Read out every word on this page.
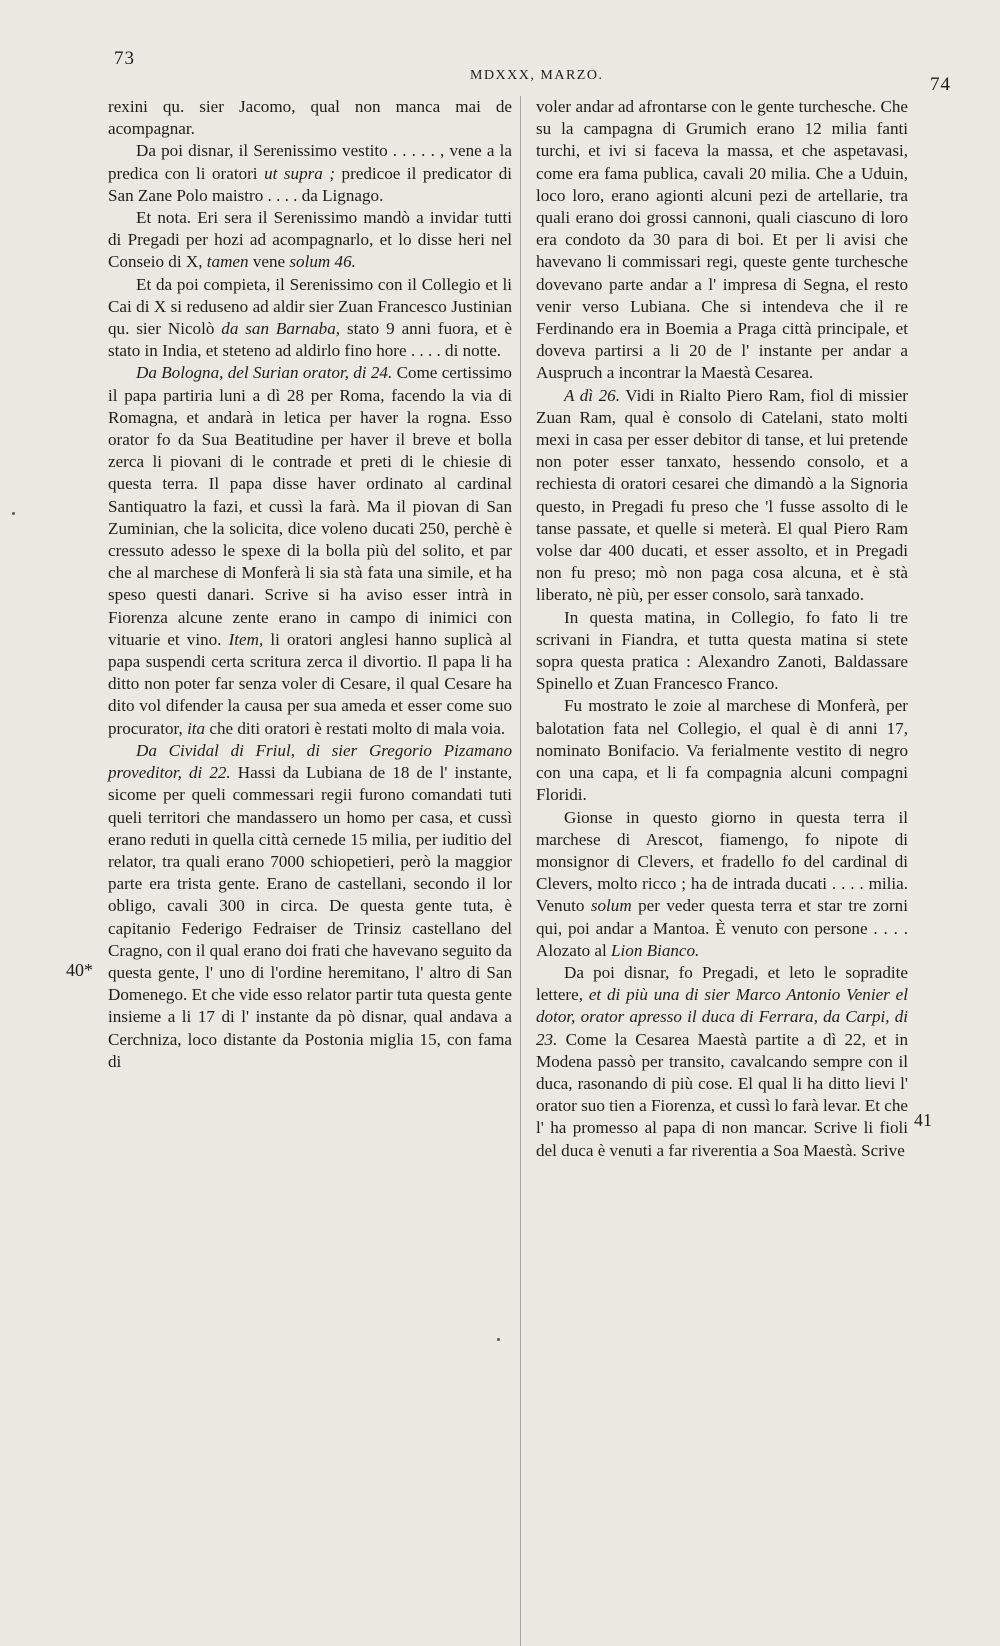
73
MDXXX, MARZO.	74
40*
41

rexini qu. sier Jacomo, qual non manca mai de acompagnar.

Da poi disnar, il Serenissimo vestito . . . . . , vene a la predica con li oratori ut supra ; predicoe il predicator di San Zane Polo maistro . . . . da Lignago.

Et nota. Eri sera il Serenissimo mandò a invidar tutti di Pregadi per hozi ad acompagnarlo, et lo disse heri nel Conseio di X, tamen vene solum 46.

Et da poi compieta, il Serenissimo con il Collegio et li Cai di X si reduseno ad aldir sier Zuan Francesco Justinian qu. sier Nicolò da san Barnaba, stato 9 anni fuora, et è stato in India, et steteno ad aldirlo fino hore . . . . di notte.

Da Bologna, del Surian orator, di 24. Come certissimo il papa partiria luni a dì 28 per Roma, facendo la via di Romagna, et andarà in letica per haver la rogna. Esso orator fo da Sua Beatitudine per haver il breve et bolla zerca li piovani di le contrade et preti di le chiesie di questa terra. Il papa disse haver ordinato al cardinal Santiquatro la fazi, et cussì la farà. Ma il piovan di San Zuminian, che la solicita, dice voleno ducati 250, perchè è cressuto adesso le spexe di la bolla più del solito, et par che al marchese di Monferà li sia stà fata una simile, et ha speso questi danari. Scrive si ha aviso esser intrà in Fiorenza alcune zente erano in campo di inimici con vituarie et vino. Item, li oratori anglesi hanno suplicà al papa suspendi certa scritura zerca il divortio. Il papa li ha ditto non poter far senza voler di Cesare, il qual Cesare ha dito vol difender la causa per sua ameda et esser come suo procurator, ita che diti oratori è restati molto di mala voia.

Da Cividal di Friul, di sier Gregorio Pizamano proveditor, di 22. Hassi da Lubiana de 18 de l' instante, sicome per queli commessari regii furono comandati tuti queli territori che mandassero un homo per casa, et cussì erano reduti in quella città cernede 15 milia, per iuditio del relator, tra quali erano 7000 schiopetieri, però la maggior parte era trista gente. Erano de castellani, secondo il lor obligo, cavali 300 in circa. De questa gente tuta, è capitanio Federigo Fedraiser de Trinsiz castellano del Cragno, con il qual erano doi frati che havevano seguito da questa gente, l' uno di l'ordine heremitano, l' altro di San Domenego. Et che vide esso relator partir tuta questa gente insieme a li 17 di l' instante da pò disnar, qual andava a Cerchniza, loco distante da Postonia miglia 15, con fama di

voler andar ad afrontarse con le gente turchesche. Che su la campagna di Grumich erano 12 milia fanti turchi, et ivi si faceva la massa, et che aspetavasi, come era fama publica, cavali 20 milia. Che a Uduin, loco loro, erano agionti alcuni pezi de artellarie, tra quali erano doi grossi cannoni, quali ciascuno di loro era condoto da 30 para di boi. Et per li avisi che havevano li commissari regi, queste gente turchesche dovevano parte andar a l' impresa di Segna, el resto venir verso Lubiana. Che si intendeva che il re Ferdinando era in Boemia a Praga città principale, et doveva partirsi a li 20 de l' instante per andar a Auspruch a incontrar la Maestà Cesarea.

A dì 26. Vidi in Rialto Piero Ram, fiol di missier Zuan Ram, qual è consolo di Catelani, stato molti mexi in casa per esser debitor di tanse, et lui pretende non poter esser tanxato, hessendo consolo, et a rechiesta di oratori cesarei che dimandò a la Signoria questo, in Pregadi fu preso che 'l fusse assolto di le tanse passate, et quelle si meterà. El qual Piero Ram volse dar 400 ducati, et esser assolto, et in Pregadi non fu preso; mò non paga cosa alcuna, et è stà liberato, nè più, per esser consolo, sarà tanxado.

In questa matina, in Collegio, fo fato li tre scrivani in Fiandra, et tutta questa matina si stete sopra questa pratica : Alexandro Zanoti, Baldassare Spinello et Zuan Francesco Franco.

Fu mostrato le zoie al marchese di Monferà, per balotation fata nel Collegio, el qual è di anni 17, nominato Bonifacio. Va ferialmente vestito di negro con una capa, et li fa compagnia alcuni compagni Floridi.

Gionse in questo giorno in questa terra il marchese di Arescot, fiamengo, fo nipote di monsignor di Clevers, et fradello fo del cardinal di Clevers, molto ricco ; ha de intrada ducati . . . . milia. Venuto solum per veder questa terra et star tre zorni qui, poi andar a Mantoa. È venuto con persone . . . . Alozato al Lion Bianco.

Da poi disnar, fo Pregadi, et leto le sopradite lettere, et di più una di sier Marco Antonio Venier el dotor, orator apresso il duca di Ferrara, da Carpi, di 23. Come la Cesarea Maestà partite a dì 22, et in Modena passò per transito, cavalcando sempre con il duca, rasonando di più cose. El qual li ha ditto lievi l' orator suo tien a Fiorenza, et cussì lo farà levar. Et che l' ha promesso al papa di non mancar. Scrive li fioli del duca è venuti a far riverentia a Soa Maestà. Scrive
